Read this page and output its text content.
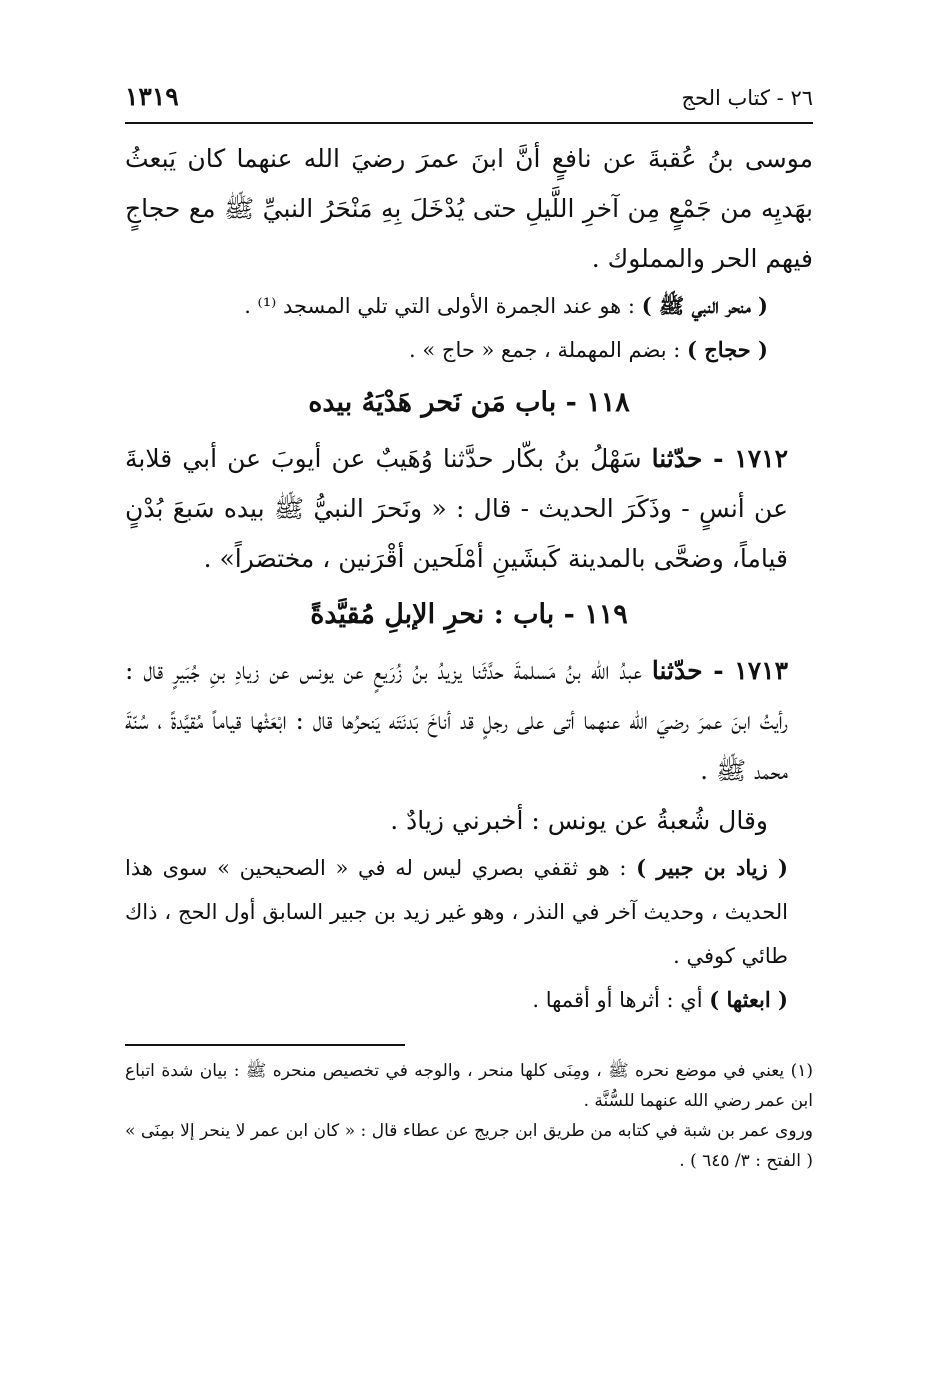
٢٦ - كتاب الحج
١٣١٩

موسى بنُ عُقبةَ عن نافعٍ أنَّ ابنَ عمرَ رضيَ الله عنهما كان يَبعثُ بهَديِه من جَمْعٍ مِن آخرِ اللَّيلِ حتى يُدْخَلَ بِهِ مَنْحَرُ النبيِّ ﷺ مع حجاجٍ فيهم الحر والمملوك .

( منحر النبي ﷺ ) : هو عند الجمرة الأولى التي تلي المسجد ⁽¹⁾ .

( حجاج ) : بضم المهملة ، جمع « حاج » .

١١٨ - باب مَن نَحر هَدْيَهُ بيده

١٧١٢ - حدّثنا سَهْلُ بنُ بكّار حدَّثنا وُهَيبٌ عن أيوبَ عن أبي قلابةَ عن أنسٍ - وذَكَرَ الحديث - قال : « ونَحرَ النبيُّ ﷺ بيده سَبعَ بُدْنٍ قياماً، وضحَّى بالمدينة كَبشَينِ أمْلَحين أقْرَنين ، مختصَراً» .

١١٩ - باب : نحرِ الإبلِ مُقيَّدةً

١٧١٣ - حدّثنا عبدُ الله بنُ مَسلمةَ حدَّثَنا يزيدُ بنُ زُرَيعٍ عن يونس عن زيادِ بنِ جُبَيرٍ قال : رأيتُ ابنَ عمرَ رضيَ الله عنهما أتى على رجلٍ قد أناخَ بَدنَتَه يَنحرُها قال : ابْعَثْها قياماً مُقيَّدةً ، سُنّةَ محمد ﷺ .

وقال شُعبةُ عن يونس : أخبرني زيادٌ .

( زياد بن جبير ) : هو ثقفي بصري ليس له في « الصحيحين » سوى هذا الحديث ، وحديث آخر في النذر ، وهو غير زيد بن جبير السابق أول الحج ، ذاك طائي كوفي .

( ابعثها ) أي : أثرها أو أقمها .

(١) يعني في موضع نحره ﷺ ، ومِنَى كلها منحر ، والوجه في تخصيص منحره ﷺ : بيان شدة اتباع ابن عمر رضي الله عنهما للسُّنَّة .

وروى عمر بن شبة في كتابه من طريق ابن جريج عن عطاء قال : « كان ابن عمر لا ينحر إلا بمِنَى » ( الفتح : ٣/ ٦٤٥ ) .
